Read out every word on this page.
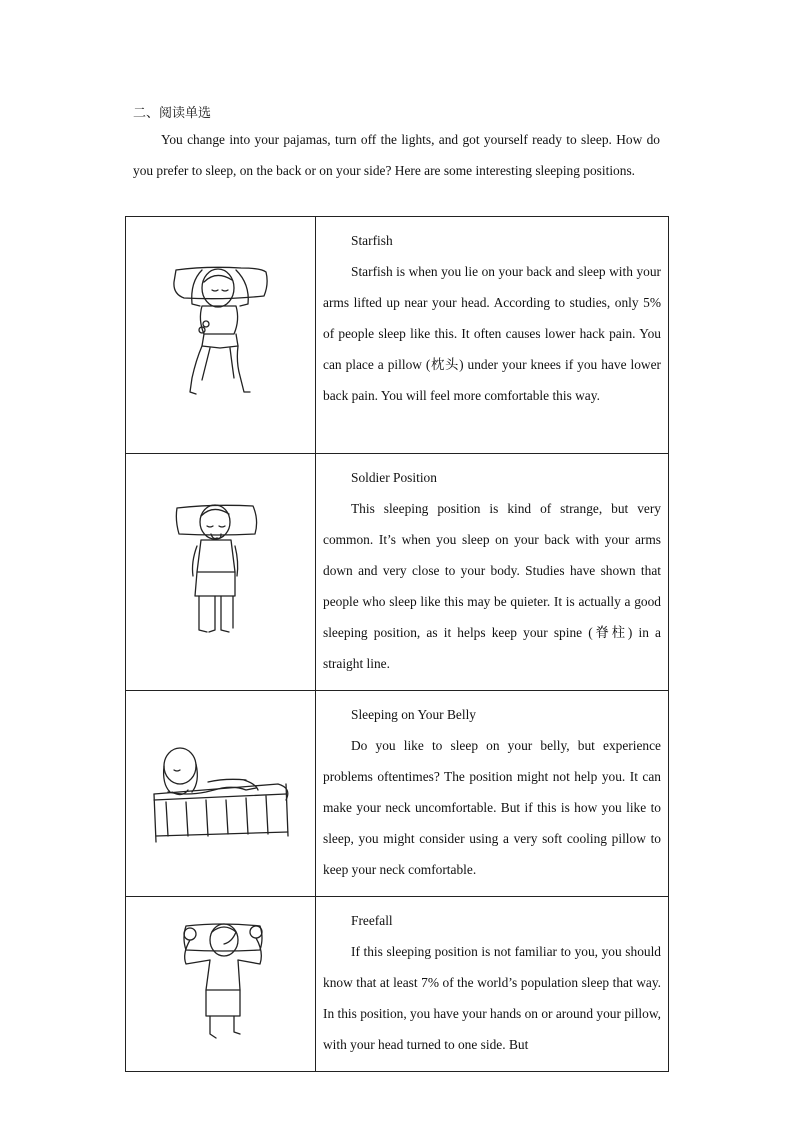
二、阅读单选

You change into your pajamas, turn off the lights, and got yourself ready to sleep. How do you prefer to sleep, on the back or on your side? Here are some interesting sleeping positions.

Starfish

Starfish is when you lie on your back and sleep with your arms lifted up near your head. According to studies, only 5% of people sleep like this. It often causes lower hack pain. You can place a pillow (枕头) under your knees if you have lower back pain. You will feel more comfortable this way.

Soldier Position

This sleeping position is kind of strange, but very common. It’s when you sleep on your back with your arms down and very close to your body. Studies have shown that people who sleep like this may be quieter. It is actually a good sleeping position, as it helps keep your spine (脊柱) in a straight line.

Sleeping on Your Belly

Do you like to sleep on your belly, but experience problems oftentimes? The position might not help you. It can make your neck uncomfortable. But if this is how you like to sleep, you might consider using a very soft cooling pillow to keep your neck comfortable.

Freefall

If this sleeping position is not familiar to you, you should know that at least 7% of the world’s population sleep that way. In this position, you have your hands on or around your pillow, with your head turned to one side. But
